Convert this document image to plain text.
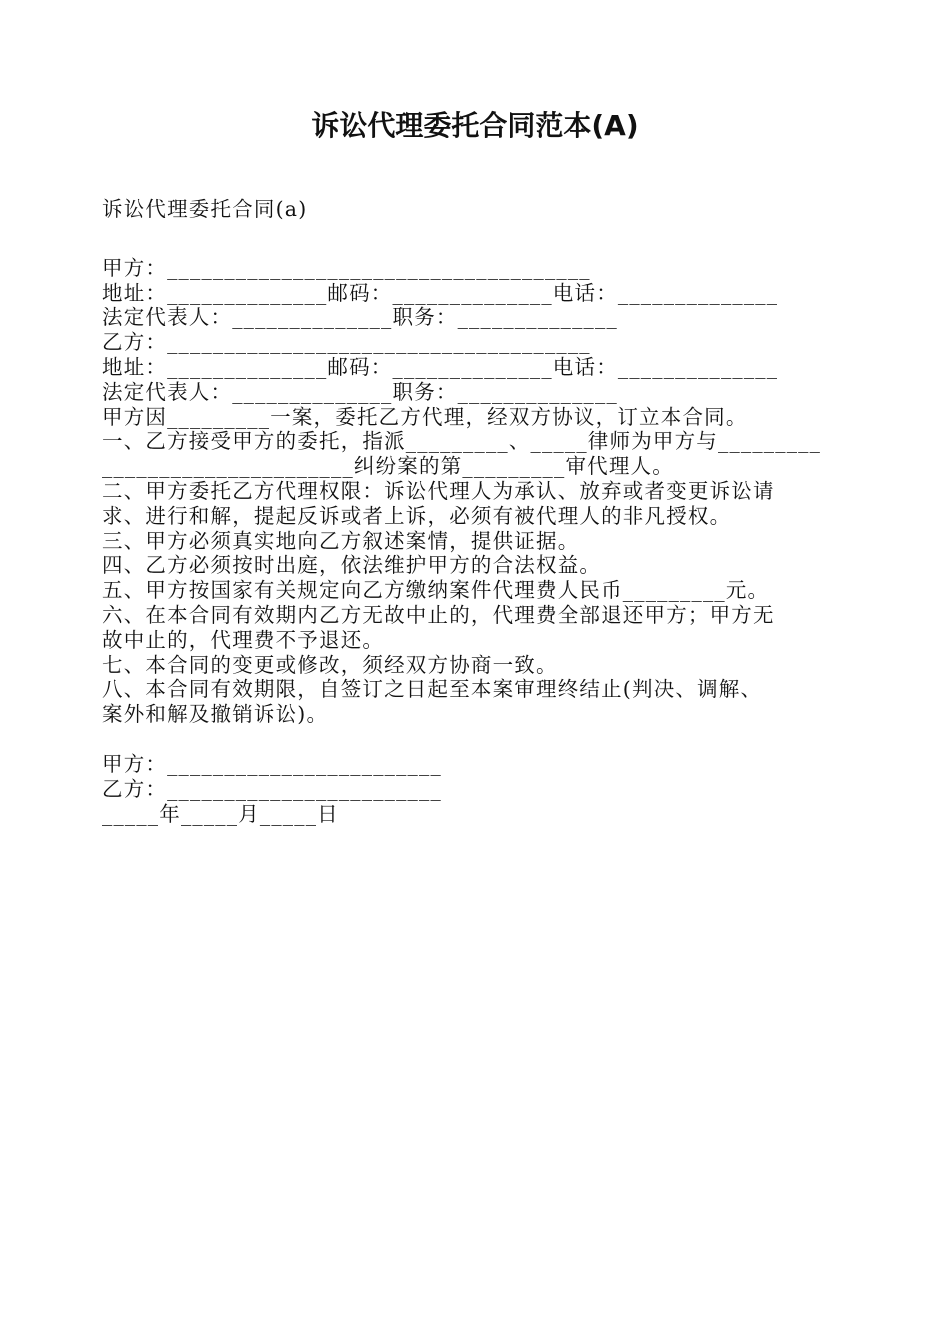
诉讼代理委托合同范本(A)
诉讼代理委托合同(a)
甲方：_____________________________________
地址：______________邮码：______________电话：______________
法定代表人：______________职务：______________
乙方：_____________________________________
地址：______________邮码：______________电话：______________
法定代表人：______________职务：______________
甲方因_________一案，委托乙方代理，经双方协议，订立本合同。
一、乙方接受甲方的委托，指派_________、_____律师为甲方与_________
______________________纠纷案的第_________审代理人。
二、甲方委托乙方代理权限：诉讼代理人为承认、放弃或者变更诉讼请
求、进行和解，提起反诉或者上诉，必须有被代理人的非凡授权。
三、甲方必须真实地向乙方叙述案情，提供证据。
四、乙方必须按时出庭，依法维护甲方的合法权益。
五、甲方按国家有关规定向乙方缴纳案件代理费人民币_________元。
六、在本合同有效期内乙方无故中止的，代理费全部退还甲方；甲方无
故中止的，代理费不予退还。
七、本合同的变更或修改，须经双方协商一致。
八、本合同有效期限，自签订之日起至本案审理终结止(判决、调解、
案外和解及撤销诉讼)。
甲方：________________________
乙方：________________________
_____年_____月_____日
